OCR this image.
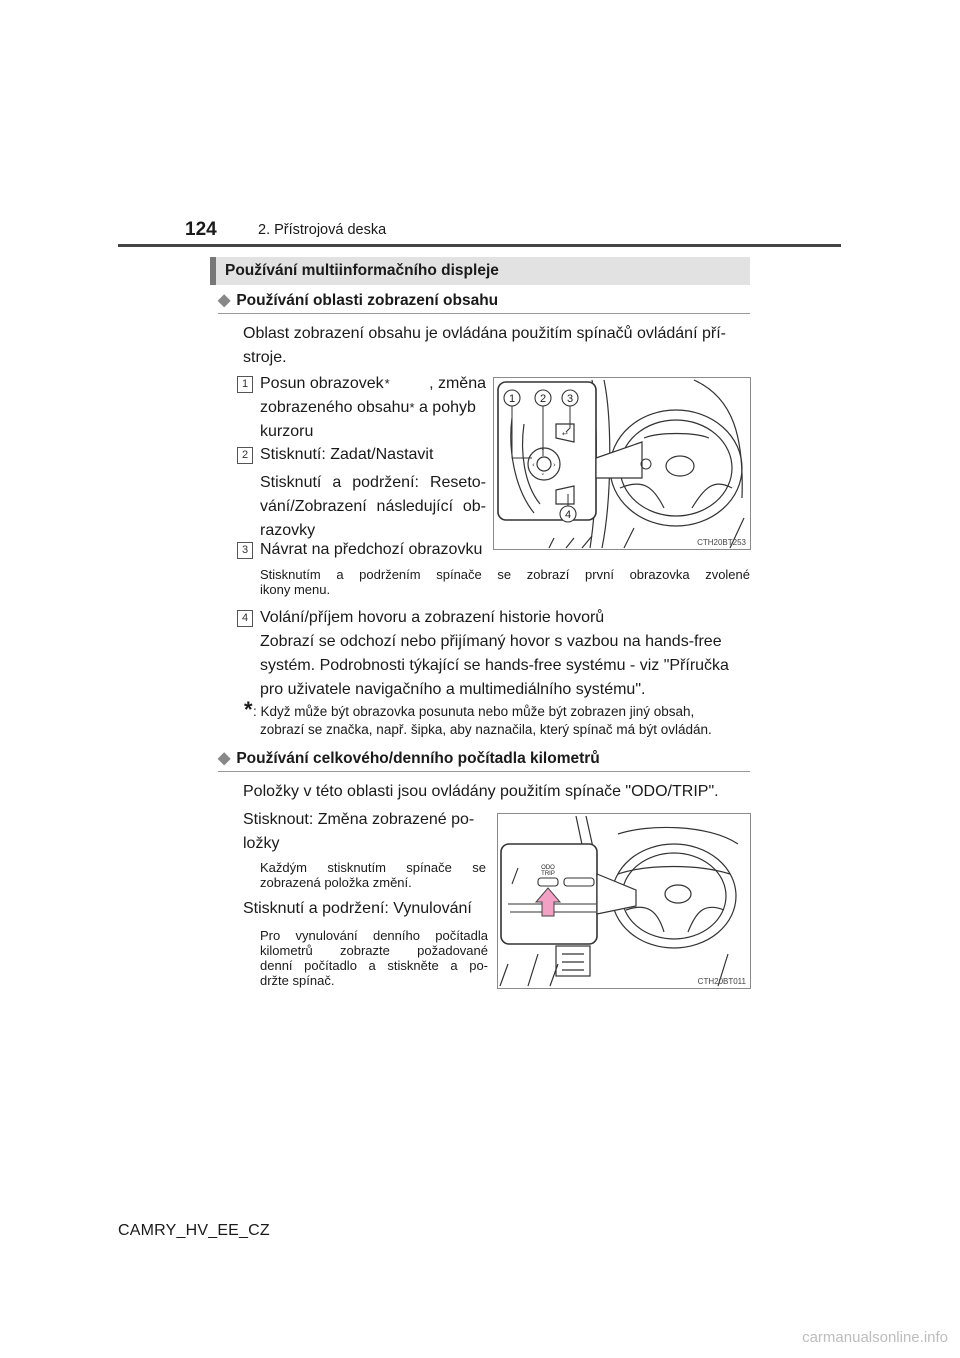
124	2. Přístrojová deska
Používání multiinformačního displeje
◆ Používání oblasti zobrazení obsahu
Oblast zobrazení obsahu je ovládána použitím spínačů ovládání pří-
stroje.
1 Posun obrazovek * , změna
zobrazeného obsahu* a pohyb
kurzoru
2 Stisknutí: Zadat/Nastavit
Stisknutí a podržení: Reseto-
vání/Zobrazení následující ob-
razovky
3 Návrat na předchozí obrazovku
Stisknutím a podržením spínače se zobrazí první obrazovka zvolené
ikony menu.
‹	›
˄
˅
↩
1 2 3
4
CTH20BT253
4 Volání/příjem hovoru a zobrazení historie hovorů
Zobrazí se odchozí nebo přijímaný hovor s vazbou na hands-free
systém. Podrobnosti týkající se hands-free systému - viz "Příručka
pro uživatele navigačního a multimediálního systému".
* : Když může být obrazovka posunuta nebo může být zobrazen jiný obsah,
zobrazí se značka, např. šipka, aby naznačila, který spínač má být ovládán.
◆ Používání celkového/denního počítadla kilometrů
Položky v této oblasti jsou ovládány použitím spínače "ODO/TRIP".
Stisknout: Změna zobrazené po-
ložky
Každým stisknutím spínače se
zobrazená položka změní.
Stisknutí a podržení: Vynulování
Pro vynulování denního počítadla
kilometrů zobrazte požadované
denní počítadlo a stiskněte a po-
držte spínač.
ODO
TRIP
CTH20BT011
CAMRY_HV_EE_CZ
carmanualsonline.info
